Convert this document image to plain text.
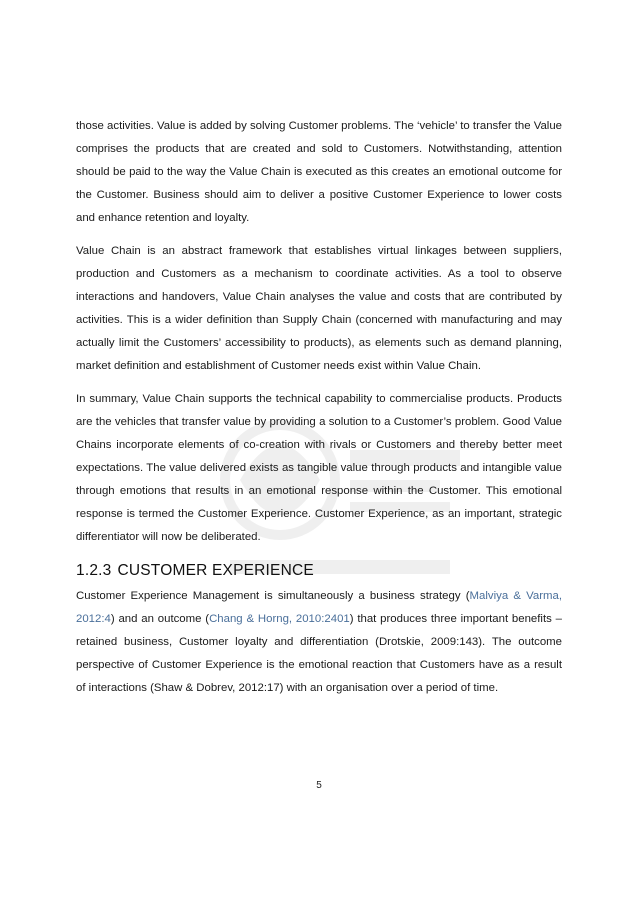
those activities. Value is added by solving Customer problems. The ‘vehicle’ to transfer the Value comprises the products that are created and sold to Customers. Notwithstanding, attention should be paid to the way the Value Chain is executed as this creates an emotional outcome for the Customer. Business should aim to deliver a positive Customer Experience to lower costs and enhance retention and loyalty.

Value Chain is an abstract framework that establishes virtual linkages between suppliers, production and Customers as a mechanism to coordinate activities. As a tool to observe interactions and handovers, Value Chain analyses the value and costs that are contributed by activities. This is a wider definition than Supply Chain (concerned with manufacturing and may actually limit the Customers’ accessibility to products), as elements such as demand planning, market definition and establishment of Customer needs exist within Value Chain.

In summary, Value Chain supports the technical capability to commercialise products. Products are the vehicles that transfer value by providing a solution to a Customer’s problem. Good Value Chains incorporate elements of co-creation with rivals or Customers and thereby better meet expectations. The value delivered exists as tangible value through products and intangible value through emotions that results in an emotional response within the Customer. This emotional response is termed the Customer Experience. Customer Experience, as an important, strategic differentiator will now be deliberated.

1.2.3 CUSTOMER EXPERIENCE

Customer Experience Management is simultaneously a business strategy (Malviya & Varma, 2012:4) and an outcome (Chang & Horng, 2010:2401) that produces three important benefits – retained business, Customer loyalty and differentiation (Drotskie, 2009:143). The outcome perspective of Customer Experience is the emotional reaction that Customers have as a result of interactions (Shaw & Dobrev, 2012:17) with an organisation over a period of time.

5
